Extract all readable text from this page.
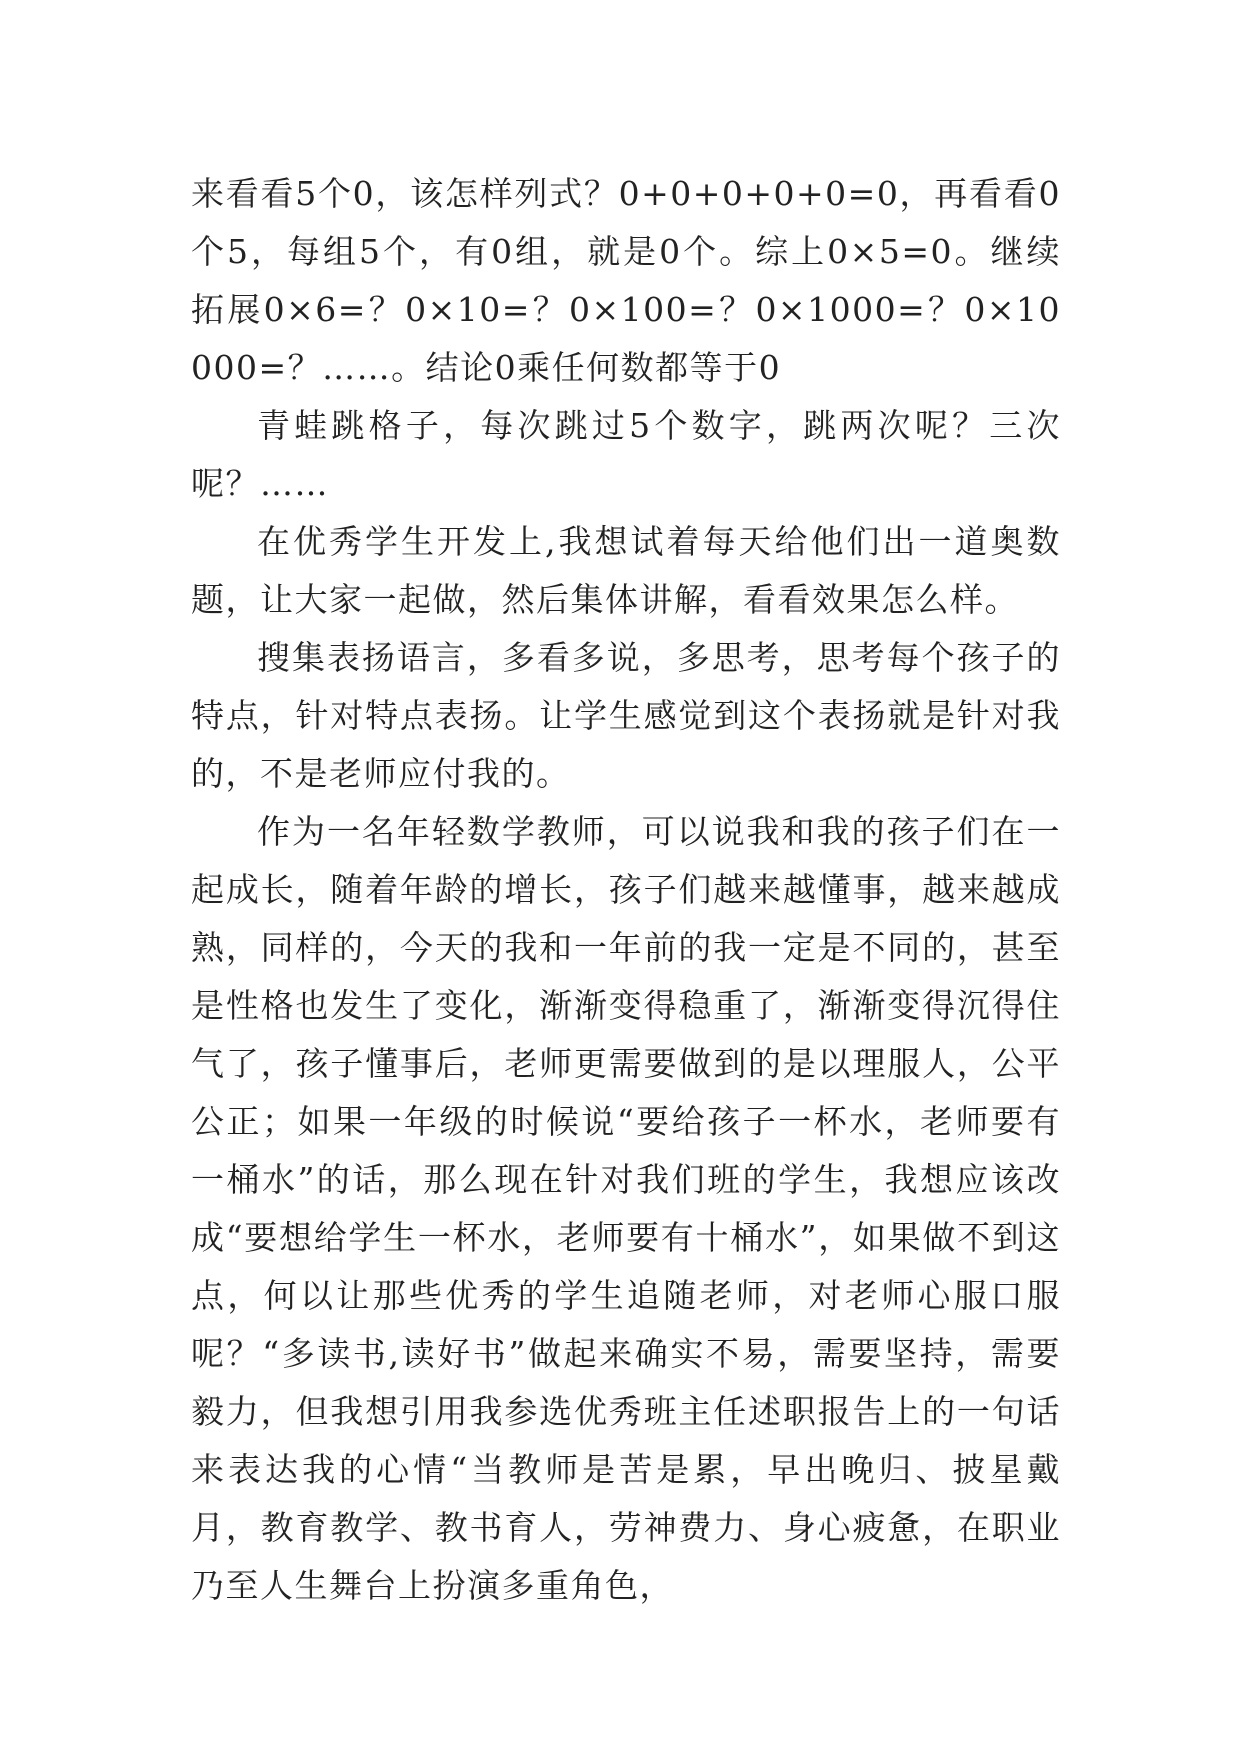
来看看5个0，该怎样列式？0+0+0+0+0=0，再看看0个5，每组5个，有0组，就是0个。综上0×5=0。继续拓展0×6=？0×10=？0×100=？0×1000=？0×10000=？……。结论0乘任何数都等于0

青蛙跳格子，每次跳过5个数字，跳两次呢？三次呢？……

在优秀学生开发上,我想试着每天给他们出一道奥数题，让大家一起做，然后集体讲解，看看效果怎么样。

搜集表扬语言，多看多说，多思考，思考每个孩子的特点，针对特点表扬。让学生感觉到这个表扬就是针对我的，不是老师应付我的。

作为一名年轻数学教师，可以说我和我的孩子们在一起成长，随着年龄的增长，孩子们越来越懂事，越来越成熟，同样的，今天的我和一年前的我一定是不同的，甚至是性格也发生了变化，渐渐变得稳重了，渐渐变得沉得住气了，孩子懂事后，老师更需要做到的是以理服人，公平公正；如果一年级的时候说“要给孩子一杯水，老师要有一桶水”的话，那么现在针对我们班的学生，我想应该改成“要想给学生一杯水，老师要有十桶水”，如果做不到这点，何以让那些优秀的学生追随老师，对老师心服口服呢？“多读书,读好书”做起来确实不易，需要坚持，需要毅力，但我想引用我参选优秀班主任述职报告上的一句话来表达我的心情“当教师是苦是累，早出晚归、披星戴月，教育教学、教书育人，劳神费力、身心疲惫，在职业乃至人生舞台上扮演多重角色，
